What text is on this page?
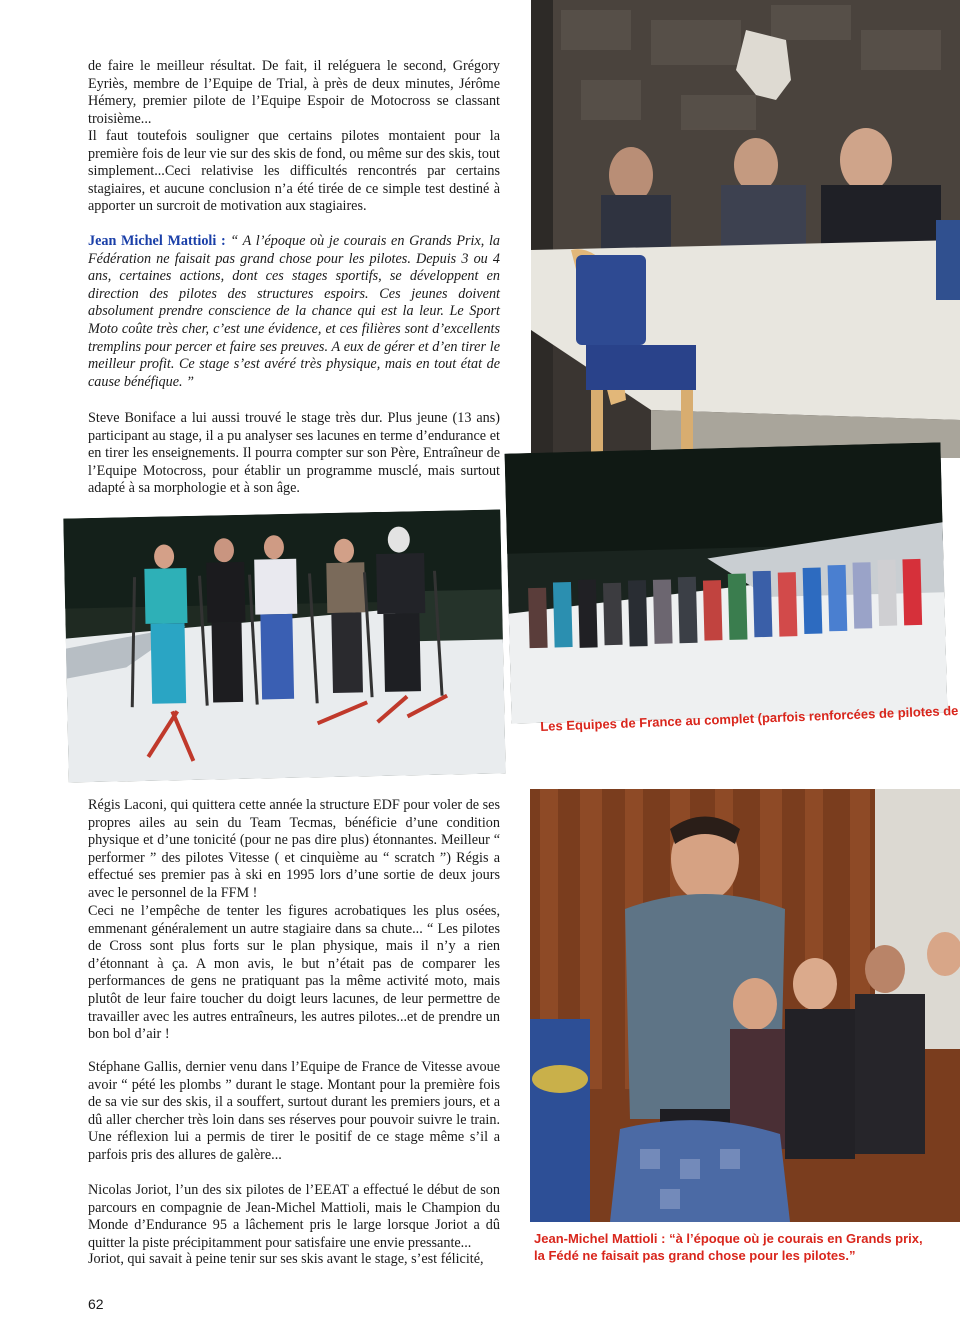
de faire le meilleur résultat. De fait, il reléguera le second, Grégory Eyriès, membre de l’Equipe de Trial, à près de deux minutes, Jérôme Hémery, premier pilote de l’Equipe Espoir de Motocross se classant troisième...

Il faut toutefois souligner que certains pilotes montaient pour la première fois de leur vie sur des skis de fond, ou même sur des skis, tout simplement...Ceci relativise les difficultés rencontrés par certains stagiaires, et aucune conclusion n’a été tirée de ce simple test destiné à apporter un surcroit de motivation aux stagiaires.

Jean Michel Mattioli : “ A l’époque où je courais en Grands Prix, la Fédération ne faisait pas grand chose pour les pilotes. Depuis 3 ou 4 ans, certaines actions, dont ces stages sportifs, se développent en direction des pilotes des structures espoirs. Ces jeunes doivent absolument prendre conscience de la chance qui est la leur. Le Sport Moto coûte très cher, c’est une évidence, et ces filières sont d’excellents tremplins pour percer et faire ses preuves. A eux de gérer et d’en tirer le meilleur profit. Ce stage s’est avéré très physique, mais en tout état de cause bénéfique. ”

Steve Boniface a lui aussi trouvé le stage très dur. Plus jeune (13 ans) participant au stage, il a pu analyser ses lacunes en terme d’endurance et en tirer les enseignements. Il pourra compter sur son Père, Entraîneur de l’Equipe Motocross, pour établir un programme musclé, mais surtout adapté à sa morphologie et à son âge.

Régis Laconi, qui quittera cette année la structure EDF pour voler de ses propres ailes au sein du Team Tecmas, bénéficie d’une condition physique et d’une tonicité (pour ne pas dire plus) étonnantes. Meilleur “ performer ” des pilotes Vitesse ( et cinquième au “ scratch ”) Régis a effectué ses premier pas à ski en 1995 lors d’une sortie de deux jours avec le personnel de la FFM !

Ceci ne l’empêche de tenter les figures acrobatiques les plus osées, emmenant généralement un autre stagiaire dans sa chute... “ Les pilotes de Cross sont plus forts sur le plan physique, mais il n’y a rien d’étonnant à ça. A mon avis, le but n’était pas de comparer les performances de gens ne pratiquant pas la même activité moto, mais plutôt de leur faire toucher du doigt leurs lacunes, de leur permettre de travailler avec les autres entraîneurs, les autres pilotes...et de prendre un bon bol d’air !

Stéphane Gallis, dernier venu dans l’Equipe de France de Vitesse avoue avoir “ pété les plombs ” durant le stage. Montant pour la première fois de sa vie sur des skis, il a souffert, surtout durant les premiers jours, et a dû aller chercher très loin dans ses réserves pour pouvoir suivre le train. Une réflexion lui a permis de tirer le positif de ce stage même s’il a parfois pris des allures de galère...

Nicolas Joriot, l’un des six pilotes de l’EEAT a effectué le début de son parcours en compagnie de Jean-Michel Mattioli, mais le Champion du Monde d’Endurance 95 a lâchement pris le large lorsque Joriot a dû quitter la piste précipitamment pour satisfaire une envie pressante...

Joriot, qui savait à peine tenir sur ses skis avant le stage, s’est félicité,

Les Equipes de France au complet (parfois renforcées de pilotes de

Jean-Michel Mattioli : “à l’époque où je courais en Grands prix,

la Fédé ne faisait pas grand chose pour les pilotes.”

62
